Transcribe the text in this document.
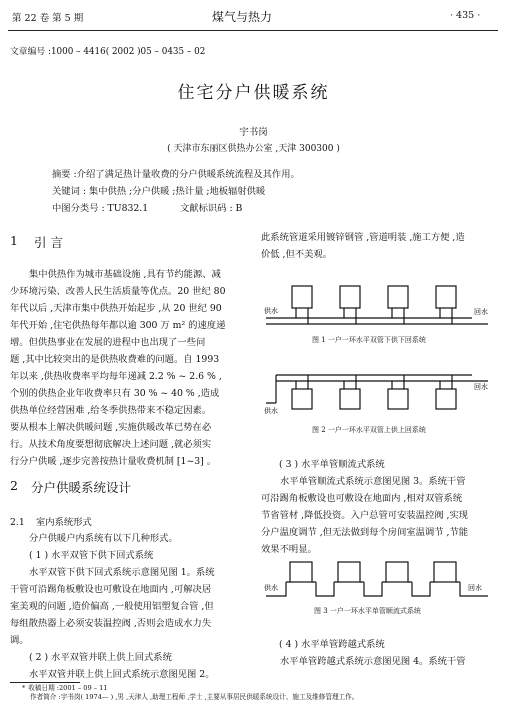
第 22 卷 第 5 期	煤气与热力	· 435 ·
文章编号 :1000 – 4416( 2002 )05 – 0435 – 02
住宅分户供暖系统
宇书岗
( 天津市东丽区供热办公室 ,天津 300300 )
摘要 :介绍了满足热计量收费的分户供暖系统流程及其作用。
关键词 : 集中供热 ;分户供暖 ;热计量 ;地板辐射供暖
中图分类号 : TU832.1	文献标识码 : B
1 引 言
集中供热作为城市基础设施 ,具有节约能源、减
少环境污染、改善人民生活质量等优点。20 世纪 80
年代以后 ,天津市集中供热开始起步 ,从 20 世纪 90
年代开始 ,住宅供热每年都以逾 300 万 m² 的速度递
增。但供热事业在发展的进程中也出现了一些问
题 ,其中比较突出的是供热收费难的问题。自 1993
年以来 ,供热收费率平均每年递减 2.2 % ~ 2.6 % ,
个别的供热企业年收费率只有 30 % ~ 40 % ,造成
供热单位经营困难 ,给冬季供热带来不稳定因素。
要从根本上解决供暖问题 ,实施供暖改革已势在必
行。从技术角度要想彻底解决上述问题 ,就必须实
行分户供暖 ,逐步完善按热计量收费机制 [1~3] 。
2 分户供暖系统设计
2.1 室内系统形式
分户供暖户内系统有以下几种形式。
( 1 ) 水平双管下供下回式系统
水平双管下供下回式系统示意图见图 1。系统
干管可沿踢角板敷设也可敷设在地面内 ,可解决居
室美观的问题 ,造价偏高 ,一般使用铝塑复合管 ,但
每组散热器上必须安装温控阀 ,否则会造成水力失
调。
( 2 ) 水平双管并联上供上回式系统
水平双管并联上供上回式系统示意图见图 2。
此系统管道采用镀锌钢管 ,管道明装 ,施工方便 ,造
价低 ,但不美观。
供水	回水
图 1 一户一环水平双管下供下回系统
供水
回水
图 2 一户一环水平双管上供上回系统
( 3 ) 水平单管顺流式系统
水平单管顺流式系统示意图见图 3。系统干管
可沿踢角板敷设也可敷设在地面内 ,相对双管系统
节省管材 ,降低投资。入户总管可安装温控阀 ,实现
分户温度调节 ,但无法做到每个房间室温调节 ,节能
效果不明显。
供水	回水
图 3 一户一环水平单管顺流式系统
( 4 ) 水平单管跨越式系统
水平单管跨越式系统示意图见图 4。系统干管
* 收稿日期 :2001 – 09 – 11
作者简介 :宇书岗( 1974— ) ,男 ,天津人 ,助理工程师 ,学士 ,主要从事居民供暖系统设计、施工及维修管理工作。
